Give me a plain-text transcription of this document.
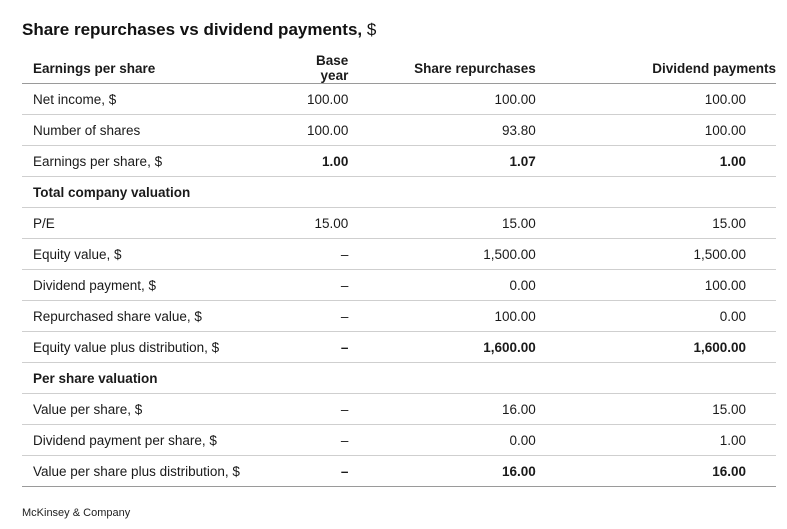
Share repurchases vs dividend payments, $
Earnings per share	Base year	Share repurchases	Dividend payments
Net income, $	100.00	100.00	100.00
Number of shares	100.00	93.80	100.00
Earnings per share, $	1.00	1.07	1.00
Total company valuation			
P/E	15.00	15.00	15.00
Equity value, $	–	1,500.00	1,500.00
Dividend payment, $	–	0.00	100.00
Repurchased share value, $	–	100.00	0.00
Equity value plus distribution, $	–	1,600.00	1,600.00
Per share valuation			
Value per share, $	–	16.00	15.00
Dividend payment per share, $	–	0.00	1.00
Value per share plus distribution, $	–	16.00	16.00
McKinsey & Company
